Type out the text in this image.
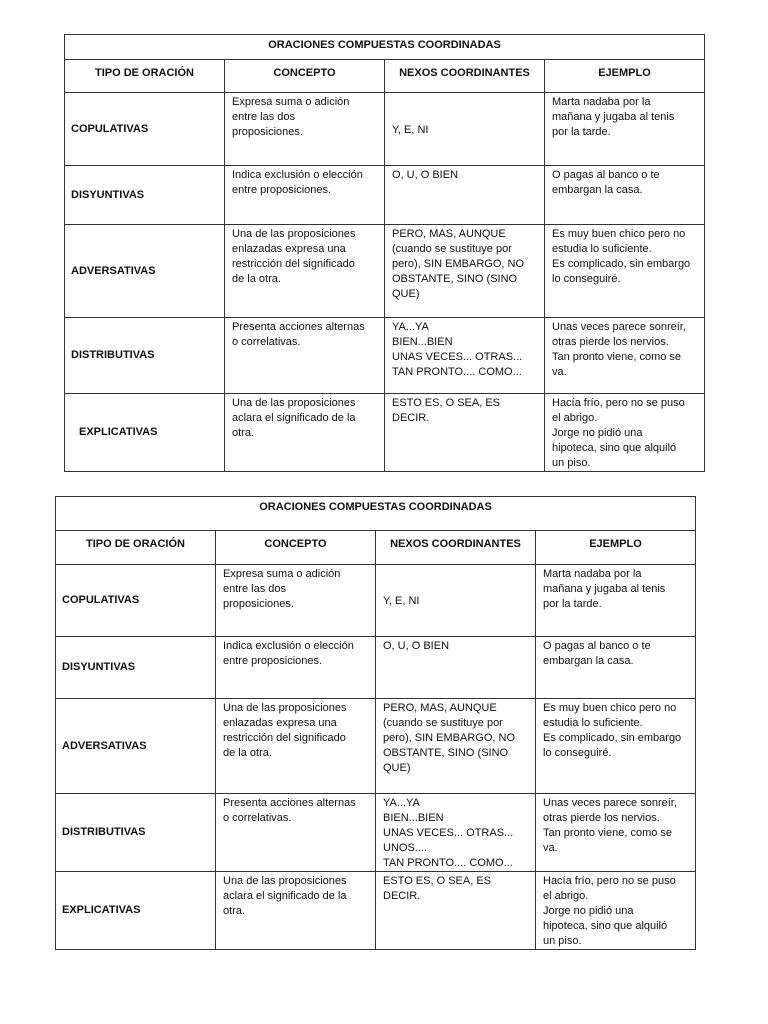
ORACIONES COMPUESTAS COORDINADAS			
TIPO DE ORACIÓN	CONCEPTO	NEXOS COORDINANTES	EJEMPLO
COPULATIVAS	Expresa suma o adición
entre las dos
proposiciones.	Y, E, NI	Marta nadaba por la
mañana y jugaba al tenis
por la tarde.
DISYUNTIVAS	Indica exclusión o elección
entre proposiciones.	O, U, O BIEN	O pagas al banco o te
embargan la casa.
ADVERSATIVAS	Una de las proposiciones
enlazadas expresa una
restricción del significado
de la otra.	PERO, MAS, AUNQUE
(cuando se sustituye por
pero), SIN EMBARGO, NO
OBSTANTE, SINO (SINO
QUE)	Es muy buen chico pero no
estudia lo suficiente.
Es complicado, sin embargo
lo conseguiré.
DISTRIBUTIVAS	Presenta acciones alternas
o correlativas.	YA...YA
BIEN...BIEN
UNAS VECES... OTRAS...
TAN PRONTO.... COMO...	Unas veces parece sonreír,
otras pierde los nervios.
Tan pronto viene, como se
va.
EXPLICATIVAS	Una de las proposiciones
aclara el significado de la
otra.	ESTO ES, O SEA, ES DECIR.	Hacía frío, pero no se puso
el abrigo.
Jorge no pidió una
hipoteca, sino que alquiló
un piso.
ORACIONES COMPUESTAS COORDINADAS			
TIPO DE ORACIÓN	CONCEPTO	NEXOS COORDINANTES	EJEMPLO
COPULATIVAS	Expresa suma o adición
entre las dos
proposiciones.	Y, E, NI	Marta nadaba por la
mañana y jugaba al tenis
por la tarde.
DISYUNTIVAS	Indica exclusión o elección
entre proposiciones.	O, U, O BIEN	O pagas al banco o te
embargan la casa.
ADVERSATIVAS	Una de las proposiciones
enlazadas expresa una
restricción del significado
de la otra.	PERO, MAS, AUNQUE
(cuando se sustituye por
pero), SIN EMBARGO, NO
OBSTANTE, SINO (SINO
QUE)	Es muy buen chico pero no
estudia lo suficiente.
Es complicado, sin embargo
lo conseguiré.
DISTRIBUTIVAS	Presenta acciones alternas
o correlativas.	YA...YA
BIEN...BIEN
UNAS VECES... OTRAS...
UNOS....
TAN PRONTO.... COMO...	Unas veces parece sonreír,
otras pierde los nervios.
Tan pronto viene, como se
va.
EXPLICATIVAS	Una de las proposiciones
aclara el significado de la
otra.	ESTO ES, O SEA, ES DECIR.	Hacía frío, pero no se puso
el abrigo.
Jorge no pidió una
hipoteca, sino que alquiló
un piso.
